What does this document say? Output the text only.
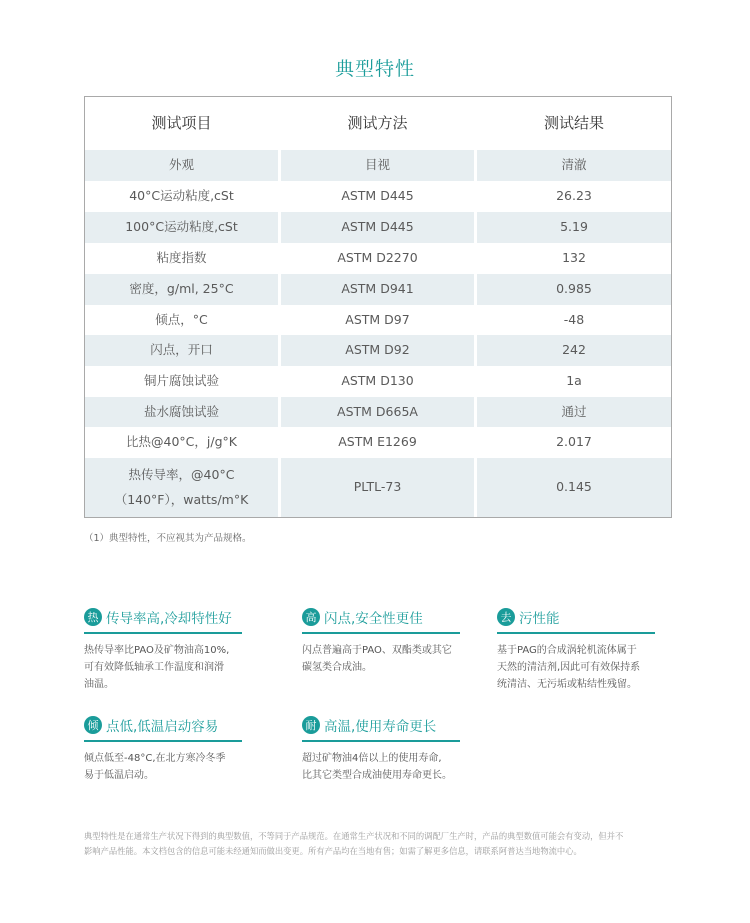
典型特性
测试项目	测试方法	测试结果
外观	目视	清澈
40°C运动粘度,cSt	ASTM D445	26.23
100°C运动粘度,cSt	ASTM D445	5.19
粘度指数	ASTM D2270	132
密度，g/ml, 25°C	ASTM D941	0.985
倾点，°C	ASTM D97	-48
闪点，开口	ASTM D92	242
铜片腐蚀试验	ASTM D130	1a
盐水腐蚀试验	ASTM D665A	通过
比热@40°C，j/g°K	ASTM E1269	2.017
热传导率，@40°C
（140°F），watts/m°K
PLTL-73	0.145
（1）典型特性，不应视其为产品规格。
热 传导率高,冷却特性好
热传导率比PAO及矿物油高10%,
可有效降低轴承工作温度和润滑
油温。
高 闪点,安全性更佳
闪点普遍高于PAO、双酯类或其它
碳氢类合成油。
去 污性能
基于PAG的合成涡轮机流体属于
天然的清洁剂,因此可有效保持系
统清洁、无污垢或粘结性残留。
倾 点低,低温启动容易
倾点低至-48°C,在北方寒冷冬季
易于低温启动。
耐 高温,使用寿命更长
超过矿物油4倍以上的使用寿命,
比其它类型合成油使用寿命更长。
典型特性是在通常生产状况下得到的典型数值，不等同于产品规范。在通常生产状况和不同的调配厂生产时，产品的典型数值可能会有变动，但并不
影响产品性能。本文档包含的信息可能未经通知而做出变更。所有产品均在当地有售；如需了解更多信息，请联系阿普达当地物流中心。
